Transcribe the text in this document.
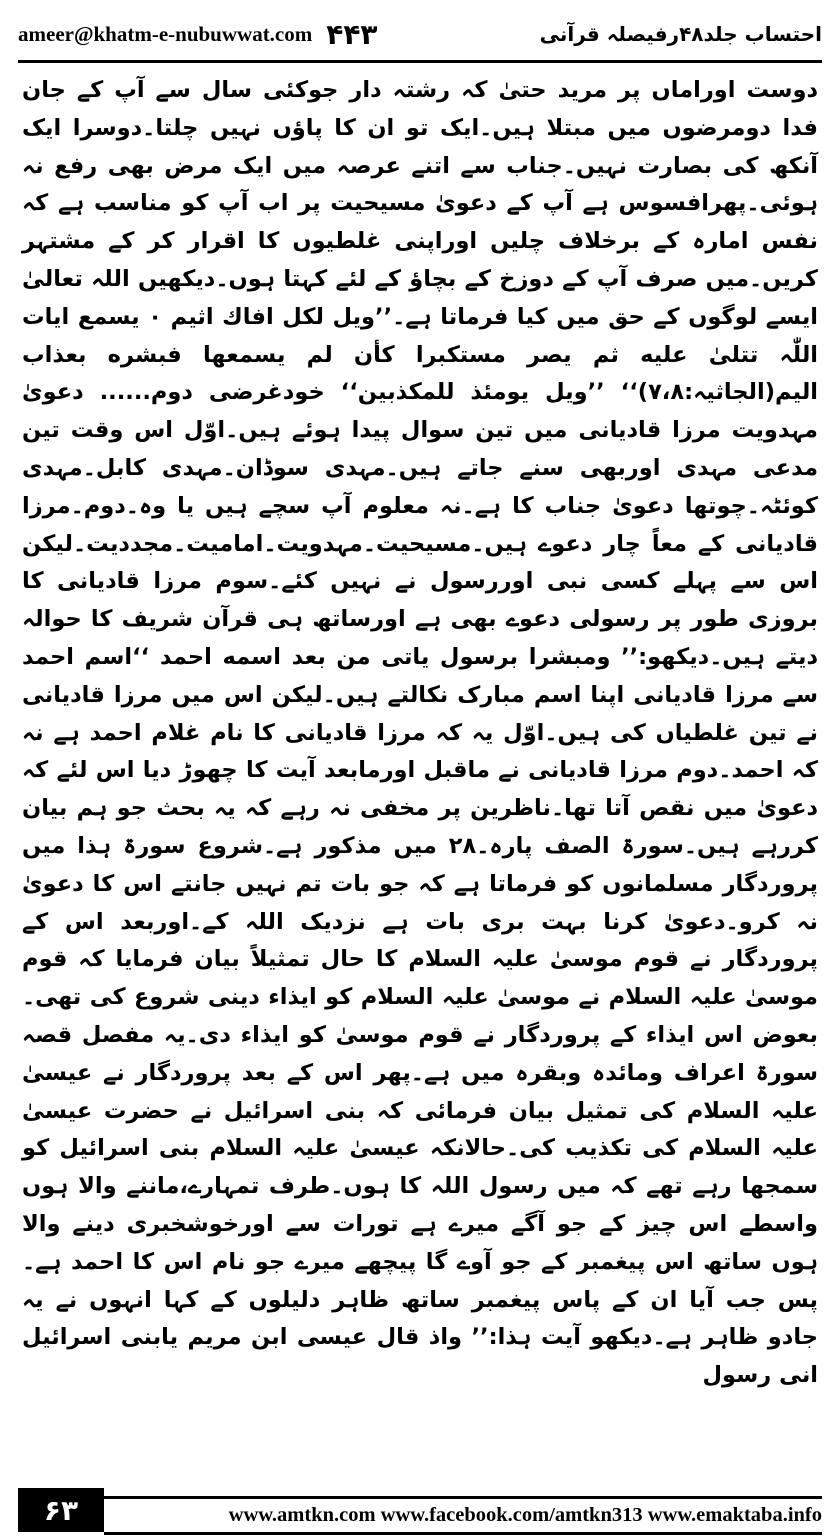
ameer@khatm-e-nubuwwat.com ۴۴۳	احتساب جلد۴۸رفیصلہ قرآنی

دوست اوراماں پر مرید حتیٰ کہ رشتہ دار جوکئی سال سے آپ کے جان فدا دومرضوں میں مبتلا ہیں۔ایک تو ان کا پاؤں نہیں چلتا۔دوسرا ایک آنکھ کی بصارت نہیں۔جناب سے اتنے عرصہ میں ایک مرض بھی رفع نہ ہوئی۔پھرافسوس ہے آپ کے دعویٰ مسیحیت پر اب آپ کو مناسب ہے کہ نفس امارہ کے برخلاف چلیں اوراپنی غلطیوں کا اقرار کر کے مشتہر کریں۔میں صرف آپ کے دوزخ کے بچاؤ کے لئے کہتا ہوں۔دیکھیں اللہ تعالیٰ ایسے لوگوں کے حق میں کیا فرماتا ہے۔’’ویل لکل افاك اثیم ۰ یسمع ایات اللّٰہ تتلیٰ علیه ثم یصر مستکبرا کأن لم یسمعها فبشره بعذاب الیم(الجاثیہ:۷،۸)‘‘ ’’ویل یومئذ للمکذبین‘‘ خودغرضی دوم...... دعویٰ مہدویت مرزا قادیانی میں تین سوال پیدا ہوئے ہیں۔اوّل اس وقت تین مدعی مہدی اوربھی سنے جاتے ہیں۔مہدی سوڈان۔مہدی کابل۔مہدی کوئٹہ۔چوتھا دعویٰ جناب کا ہے۔نہ معلوم آپ سچے ہیں یا وہ۔دوم۔مرزا قادیانی کے معاً چار دعوے ہیں۔مسیحیت۔مہدویت۔امامیت۔مجددیت۔لیکن اس سے پہلے کسی نبی اوررسول نے نہیں کئے۔سوم مرزا قادیانی کا بروزی طور پر رسولی دعوے بھی ہے اورساتھ ہی قرآن شریف کا حوالہ دیتے ہیں۔دیکھو:’’ ومبشرا برسول یاتی من بعد اسمه احمد ‘‘اسم احمد سے مرزا قادیانی اپنا اسم مبارک نکالتے ہیں۔لیکن اس میں مرزا قادیانی نے تین غلطیاں کی ہیں۔اوّل یہ کہ مرزا قادیانی کا نام غلام احمد ہے نہ کہ احمد۔دوم مرزا قادیانی نے ماقبل اورمابعد آیت کا چھوڑ دیا اس لئے کہ دعویٰ میں نقص آتا تھا۔ناظرین پر مخفی نہ رہے کہ یہ بحث جو ہم بیان کررہے ہیں۔سورۃ الصف پارہ۔۲۸ میں مذکور ہے۔شروع سورۃ ہذا میں پروردگار مسلمانوں کو فرماتا ہے کہ جو بات تم نہیں جانتے اس کا دعویٰ نہ کرو۔دعویٰ کرنا بہت بری بات ہے نزدیک اللہ کے۔اوربعد اس کے پروردگار نے قوم موسیٰ علیہ السلام کا حال تمثیلاً بیان فرمایا کہ قوم موسیٰ علیہ السلام نے موسیٰ علیہ السلام کو ایذاء دینی شروع کی تھی۔بعوض اس ایذاء کے پروردگار نے قوم موسیٰ کو ایذاء دی۔یہ مفصل قصہ سورۃ اعراف ومائدہ وبقرہ میں ہے۔پھر اس کے بعد پروردگار نے عیسیٰ علیہ السلام کی تمثیل بیان فرمائی کہ بنی اسرائیل نے حضرت عیسیٰ علیہ السلام کی تکذیب کی۔حالانکہ عیسیٰ علیہ السلام بنی اسرائیل کو سمجھا رہے تھے کہ میں رسول اللہ کا ہوں۔طرف تمہارے،ماننے والا ہوں واسطے اس چیز کے جو آگے میرے ہے تورات سے اورخوشخبری دینے والا ہوں ساتھ اس پیغمبر کے جو آوے گا پیچھے میرے جو نام اس کا احمد ہے۔پس جب آیا ان کے پاس پیغمبر ساتھ ظاہر دلیلوں کے کہا انہوں نے یہ جادو ظاہر ہے۔دیکھو آیت ہذا:’’ واذ قال عیسی ابن مریم یابنی اسرائیل انی رسول

۶۳	www.amtkn.com www.facebook.com/amtkn313 www.emaktaba.info
